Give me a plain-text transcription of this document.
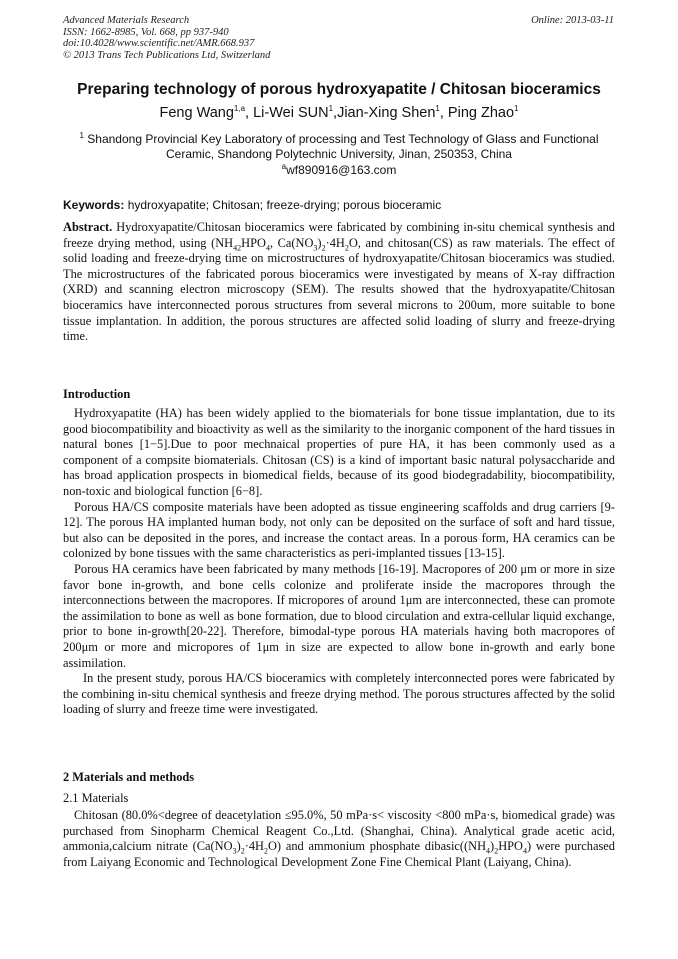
Advanced Materials Research
ISSN: 1662-8985, Vol. 668, pp 937-940
doi:10.4028/www.scientific.net/AMR.668.937
© 2013 Trans Tech Publications Ltd, Switzerland
Online: 2013-03-11
Preparing technology of porous hydroxyapatite / Chitosan bioceramics
Feng Wang$^{1,a}$, Li-Wei SUN$^1$,Jian-Xing Shen$^1$, Ping Zhao$^1$
$^1$ Shandong Provincial Key Laboratory of processing and Test Technology of Glass and Functional Ceramic, Shandong Polytechnic University, Jinan, 250353, China
$^a$wf890916@163.com
Keywords: hydroxyapatite; Chitosan; freeze-drying; porous bioceramic
Abstract. Hydroxyapatite/Chitosan bioceramics were fabricated by combining in-situ chemical synthesis and freeze drying method, using ($NH_{42}HPO_4$, $Ca(NO_3)_2\cdot 4H_2O$, and chitosan(CS) as raw materials. The effect of solid loading and freeze-drying time on microstructures of hydroxyapatite/Chitosan bioceramics was studied. The microstructures of the fabricated porous bioceramics were investigated by means of X-ray diffraction (XRD) and scanning electron microscopy (SEM). The results showed that the hydroxyapatite/Chitosan bioceramics have interconnected porous structures from several microns to 200um, more suitable to bone tissue implantation. In addition, the porous structures are affected solid loading of slurry and freeze-drying time.
Introduction

Hydroxyapatite (HA) has been widely applied to the biomaterials for bone tissue implantation, due to its good biocompatibility and bioactivity as well as the similarity to the inorganic component of the hard tissues in natural bones [1−5].Due to poor mechnaical properties of pure HA, it has been commonly used as a component of a compsite biomaterials. Chitosan (CS) is a kind of important basic natural polysaccharide and has broad application prospects in biomedical fields, because of its good biodegradability, biocompatibility, non-toxic and biological function [6−8].

Porous HA/CS composite materials have been adopted as tissue engineering scaffolds and drug carriers [9-12]. The porous HA implanted human body, not only can be deposited on the surface of soft and hard tissue, but also can be deposited in the pores, and increase the contact areas. In a porous form, HA ceramics can be colonized by bone tissues with the same characteristics as peri-implanted tissues [13-15].

Porous HA ceramics have been fabricated by many methods [16-19]. Macropores of 200 μm or more in size favor bone in-growth, and bone cells colonize and proliferate inside the macropores through the interconnections between the macropores. If micropores of around 1μm are interconnected, these can promote the assimilation to bone as well as bone formation, due to blood circulation and extra-cellular liquid exchange, prior to bone in-growth[20-22]. Therefore, bimodal-type porous HA materials having both macropores of 200μm or more and micropores of 1μm in size are expected to allow bone in-growth and early bone assimilation.

In the present study, porous HA/CS bioceramics with completely interconnected pores were fabricated by the combining in-situ chemical synthesis and freeze drying method. The porous structures affected by the solid loading of slurry and freeze time were investigated.

2 Materials and methods
2.1 Materials

Chitosan (80.0%<degree of deacetylation ≤95.0%, 50 mPa·s< viscosity <800 mPa·s, biomedical grade) was purchased from Sinopharm Chemical Reagent Co.,Ltd. (Shanghai, China). Analytical grade acetic acid, ammonia,calcium nitrate $(Ca(NO_3)_2\cdot 4H_2O)$ and ammonium phosphate $dibasic((NH_4)_2HPO_4)$ were purchased from Laiyang Economic and Technological Development Zone Fine Chemical Plant (Laiyang, China).
